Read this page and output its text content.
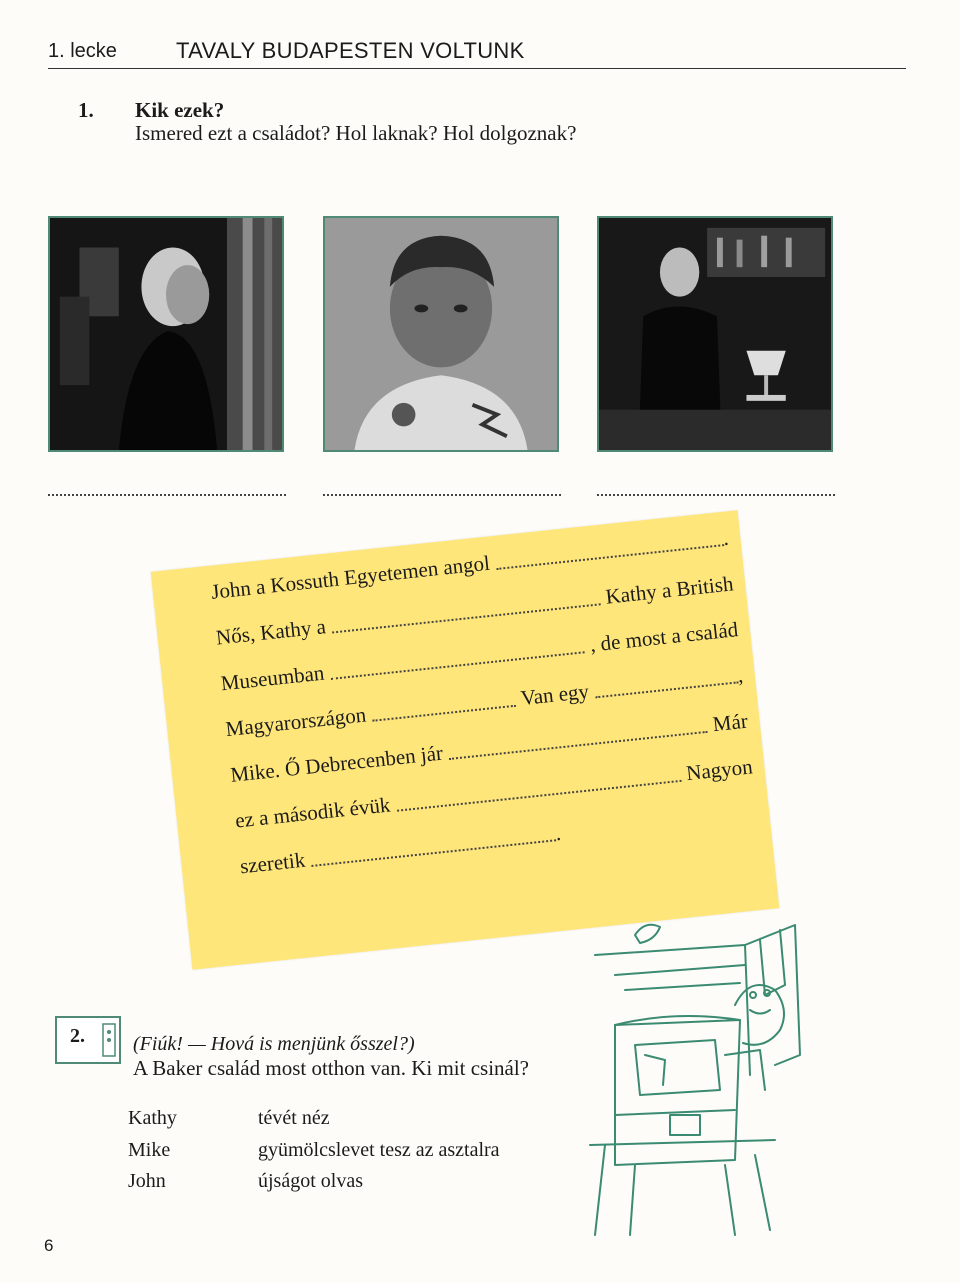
1. lecke	TAVALY BUDAPESTEN VOLTUNK
1. Kik ezek?
Ismered ezt a családot? Hol laknak? Hol dolgoznak?
John a Kossuth Egyetemen angol
.
Nős, Kathy a
Kathy a British
Museumban
, de most a család
Magyarországon
Van egy
,
Mike. Ő Debrecenben jár
Már
ez a második évük
Nagyon
szeretik
.
2. (Fiúk! — Hová is menjünk ősszel?)
A Baker család most otthon van. Ki mit csinál?
Kathy	tévét néz
Mike	gyümölcslevet tesz az asztalra
John	újságot olvas
6
